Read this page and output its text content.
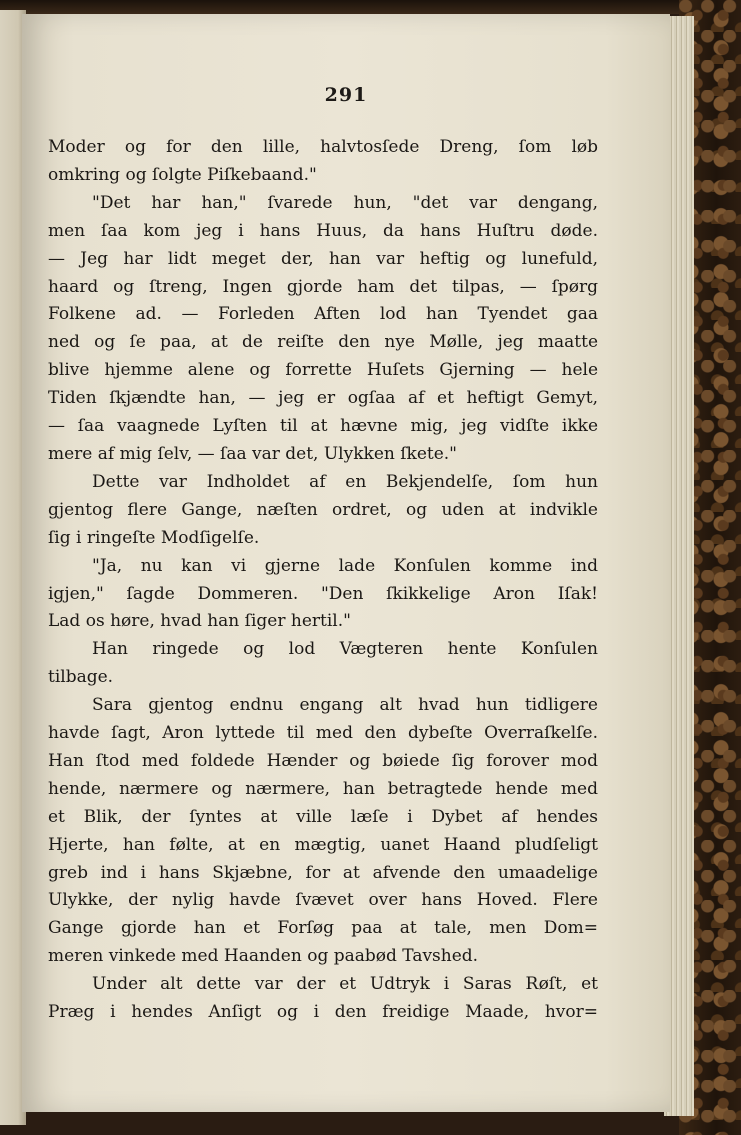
291
Moder og for den lille, halvtosſede Dreng, ſom løb
omkring og ſolgte Piſkebaand."
"Det har han," ſvarede hun, "det var dengang,
men ſaa kom jeg i hans Huus, da hans Huſtru døde.
— Jeg har lidt meget der, han var heftig og lunefuld,
haard og ſtreng, Ingen gjorde ham det tilpas, — ſpørg
Folkene ad. — Forleden Aften lod han Tyendet gaa
ned og ſe paa, at de reiſte den nye Mølle, jeg maatte
blive hjemme alene og forrette Huſets Gjerning — hele
Tiden ſkjændte han, — jeg er ogſaa af et heftigt Gemyt,
— ſaa vaagnede Lyſten til at hævne mig, jeg vidſte ikke
mere af mig ſelv, — ſaa var det, Ulykken ſkete."
Dette var Indholdet af en Bekjendelſe, ſom hun
gjentog flere Gange, næſten ordret, og uden at indvikle
ſig i ringeſte Modſigelſe.
"Ja, nu kan vi gjerne lade Konſulen komme ind
igjen," ſagde Dommeren. "Den ſkikkelige Aron Iſak!
Lad os høre, hvad han ſiger hertil."
Han ringede og lod Vægteren hente Konſulen
tilbage.
Sara gjentog endnu engang alt hvad hun tidligere
havde ſagt, Aron lyttede til med den dybeſte Overraſkelſe.
Han ſtod med foldede Hænder og bøiede ſig forover mod
hende, nærmere og nærmere, han betragtede hende med
et Blik, der ſyntes at ville læſe i Dybet af hendes
Hjerte, han følte, at en mægtig, uanet Haand pludſeligt
greb ind i hans Skjæbne, for at afvende den umaadelige
Ulykke, der nylig havde ſvævet over hans Hoved. Flere
Gange gjorde han et Forſøg paa at tale, men Dom=
meren vinkede med Haanden og paabød Tavshed.
Under alt dette var der et Udtryk i Saras Røſt, et
Præg i hendes Anſigt og i den freidige Maade, hvor=
